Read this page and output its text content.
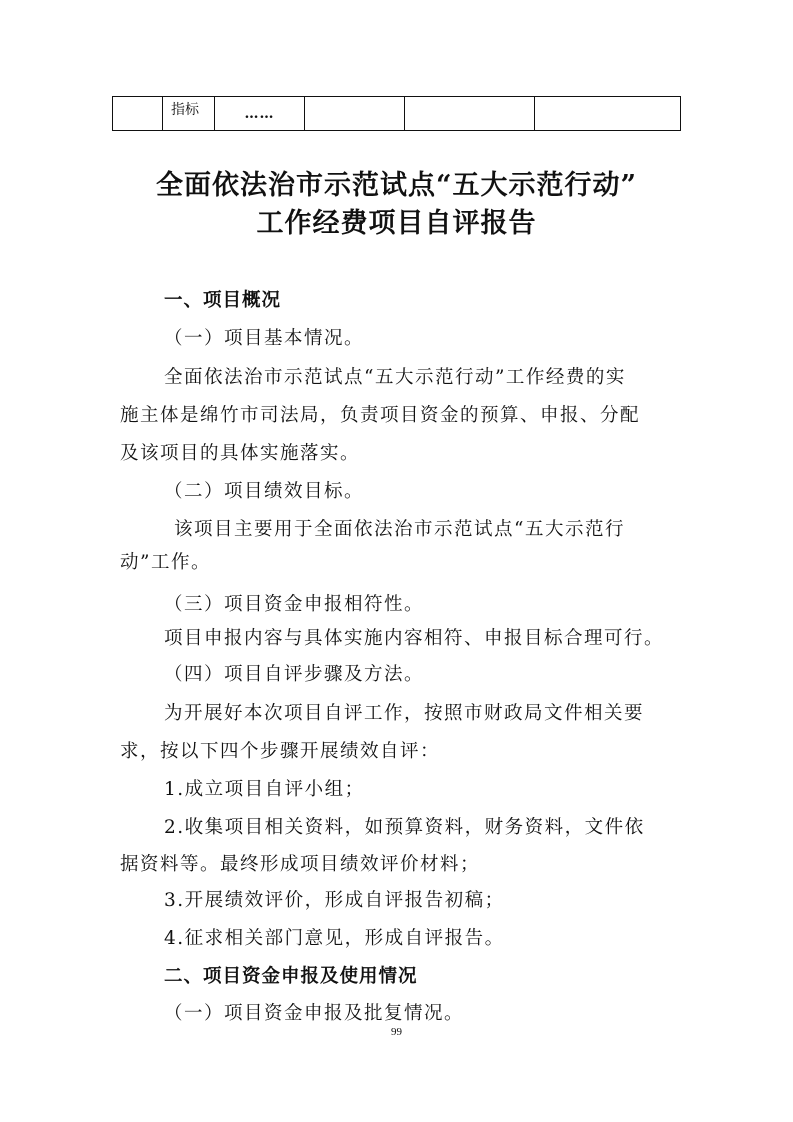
	指标	……			
全面依法治市示范试点“五大示范行动”
工作经费项目自评报告
一、项目概况
（一）项目基本情况。
全面依法治市示范试点“五大示范行动”工作经费的实
施主体是绵竹市司法局，负责项目资金的预算、申报、分配
及该项目的具体实施落实。
（二）项目绩效目标。
该项目主要用于全面依法治市示范试点“五大示范行
动”工作。
（三）项目资金申报相符性。
项目申报内容与具体实施内容相符、申报目标合理可行。
（四）项目自评步骤及方法。
为开展好本次项目自评工作，按照市财政局文件相关要
求，按以下四个步骤开展绩效自评：
1.成立项目自评小组；
2.收集项目相关资料，如预算资料，财务资料，文件依
据资料等。最终形成项目绩效评价材料；
3.开展绩效评价，形成自评报告初稿；
4.征求相关部门意见，形成自评报告。
二、项目资金申报及使用情况
（一）项目资金申报及批复情况。
99
